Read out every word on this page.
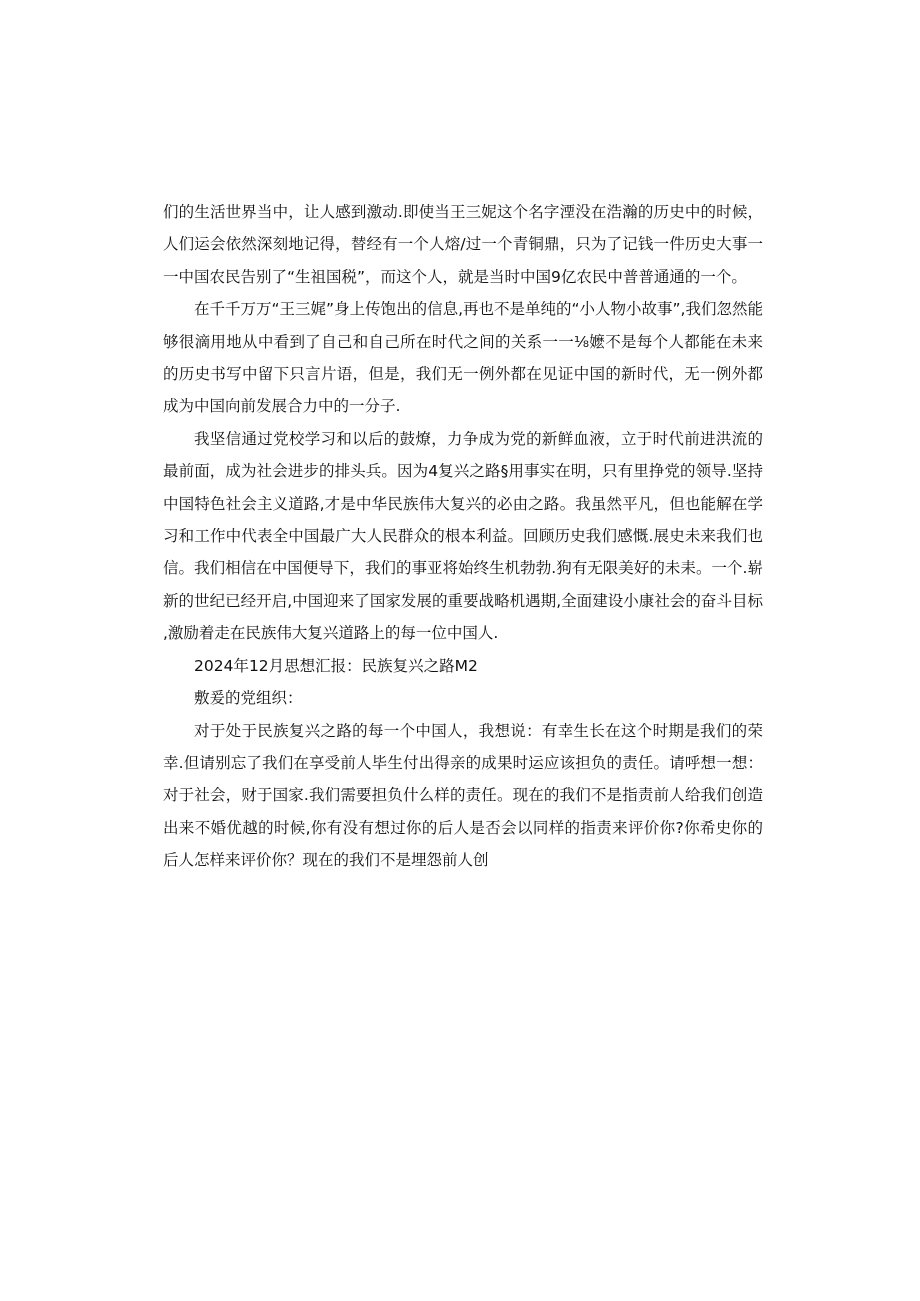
们的生活世界当中，让人感到激动.即使当王三妮这个名字湮没在浩瀚的历史中的时候，人们运会依然深刻地记得，替经有一个人熔/过一个青铜鼎，只为了记钱一件历史大事一一中国农民告别了“生祖国税”，而这个人，就是当时中国9亿农民中普普通通的一个。

在千千万万“王三娓”身上传饱出的信息,再也不是单纯的“小人物小故事”,我们忽然能够很滴用地从中看到了自己和自己所在时代之间的关系一一⅛嬷不是每个人都能在未来的历史书写中留下只言片语，但是，我们无一例外都在见证中国的新时代，无一例外都成为中国向前发展合力中的一分子.

我坚信通过党校学习和以后的鼓燎，力争成为党的新鲜血液，立于时代前进洪流的最前面，成为社会进步的排头兵。因为4复兴之路§用事实在明，只有里挣党的领导.坚持中国特色社会主义道路,才是中华民族伟大复兴的必由之路。我虽然平凡，但也能解在学习和工作中代表全中国最广大人民群众的根本利益。回顾历史我们感慨.展史未来我们也信。我们相信在中国便导下，我们的事亚将始终生机勃勃.狗有无限美好的未耒。一个.崭新的世纪已经开启,中国迎来了国家发展的重要战略机遇期,全面建设小康社会的奋斗目标,激励着走在民族伟大复兴道路上的每一位中国人.

2024年12月思想汇报：民族复兴之路M2

敷爰的党组织：

对于处于民族复兴之路的每一个中国人，我想说：有幸生长在这个时期是我们的荣幸.但请别忘了我们在享受前人毕生付出得亲的成果时运应该担负的责任。请呼想一想：对于社会，财于国家.我们需要担负什么样的责任。现在的我们不是指责前人给我们创造出来不婚优越的时候,你有没有想过你的后人是否会以同样的指责来评价你?你希史你的后人怎样来评价你？现在的我们不是埋怨前人创
